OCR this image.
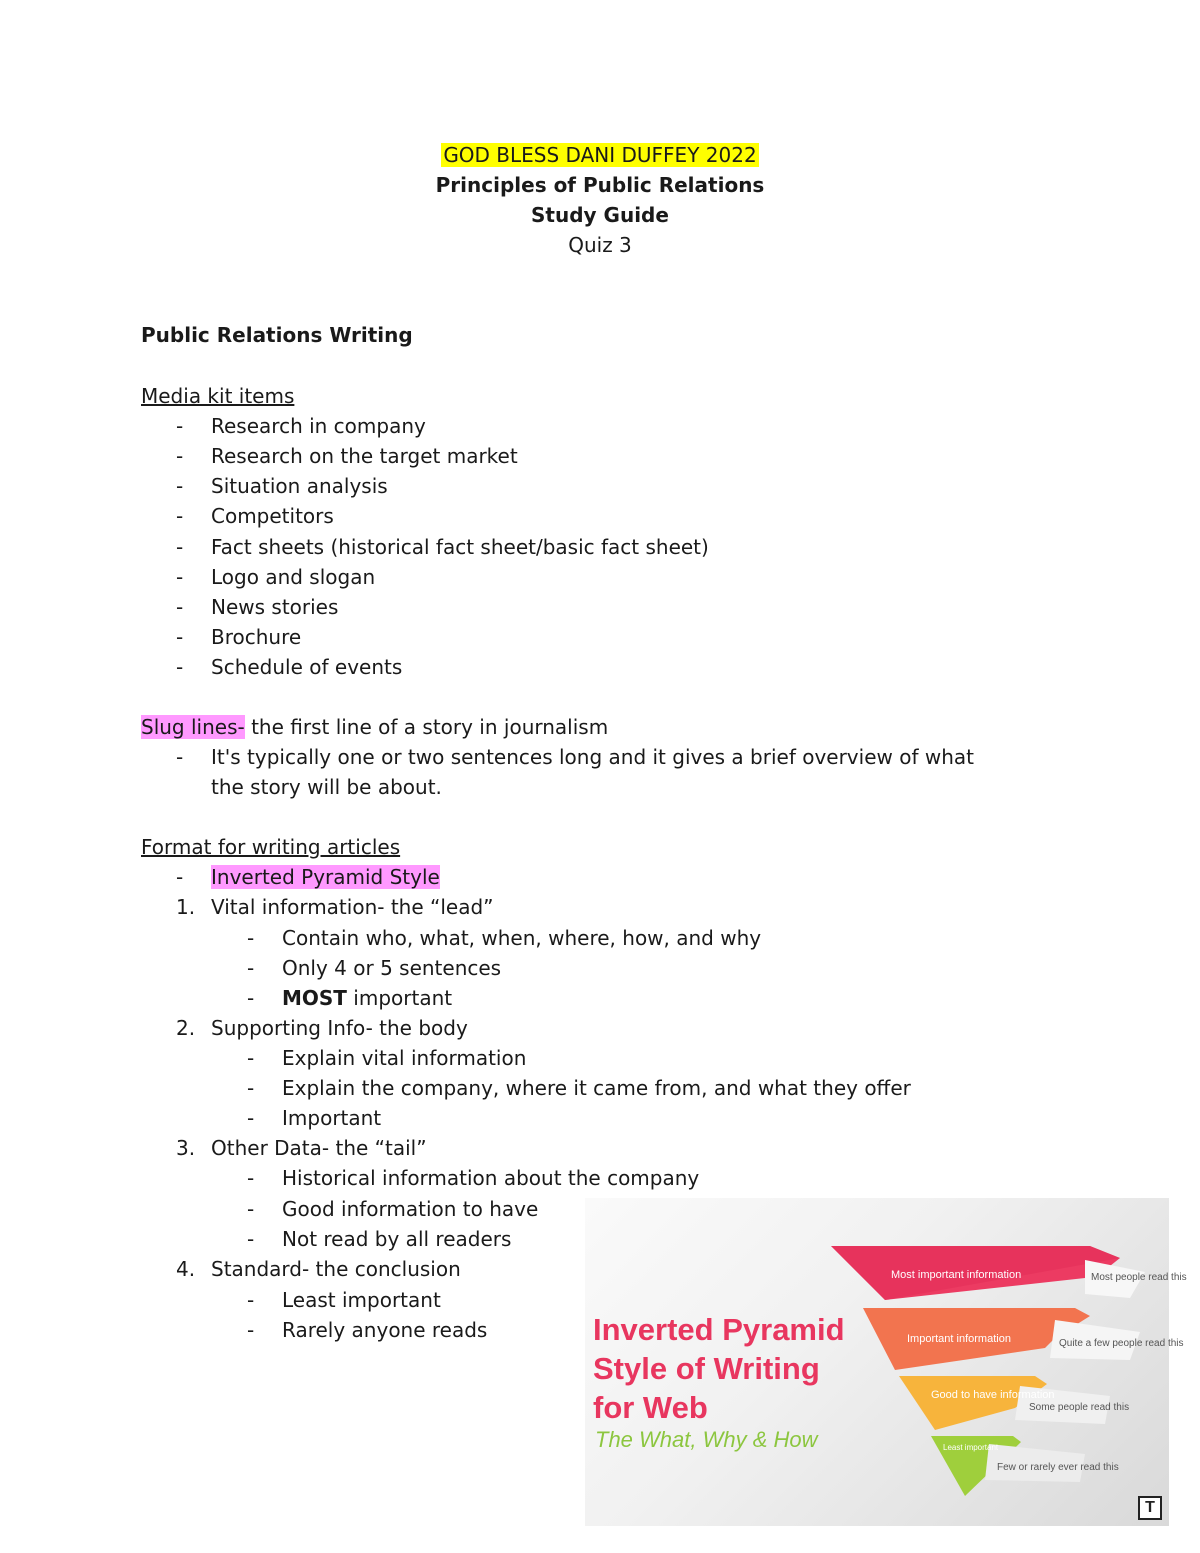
GOD BLESS DANI DUFFEY 2022
Principles of Public Relations
Study Guide
Quiz 3
Public Relations Writing
Media kit items
- Research in company
- Research on the target market
- Situation analysis
- Competitors
- Fact sheets (historical fact sheet/basic fact sheet)
- Logo and slogan
- News stories
- Brochure
- Schedule of events
Slug lines- the first line of a story in journalism
- It's typically one or two sentences long and it gives a brief overview of what
the story will be about.
Format for writing articles
- Inverted Pyramid Style
1. Vital information- the “lead”
- Contain who, what, when, where, how, and why
- Only 4 or 5 sentences
- MOST important
2. Supporting Info- the body
- Explain vital information
- Explain the company, where it came from, and what they offer
- Important
3. Other Data- the “tail”
- Historical information about the company
- Good information to have
- Not read by all readers
4. Standard- the conclusion
- Least important
- Rarely anyone reads
Most important information
Important information
Good to have information
Least important
Most people read this
Quite a few people read this
Some people read this
Few or rarely ever read this
Inverted Pyramid
Style of Writing
for Web
The What, Why & How
T
